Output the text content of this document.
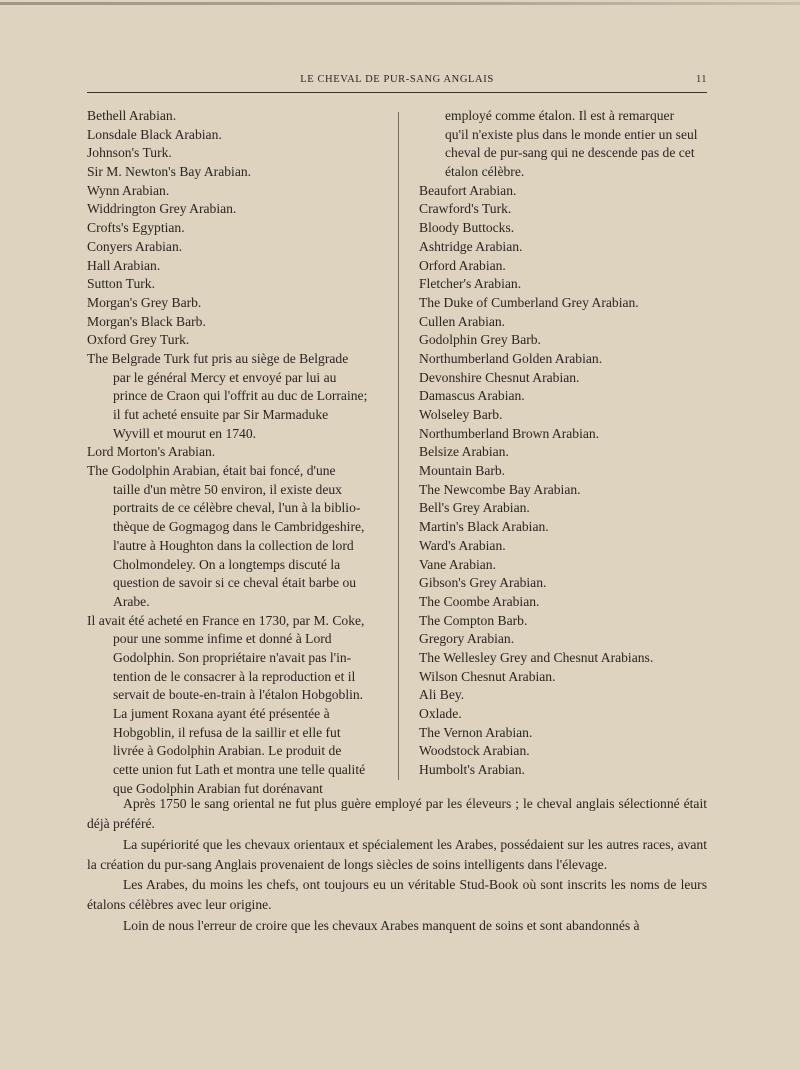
LE CHEVAL DE PUR-SANG ANGLAIS	11
Bethell Arabian.
Lonsdale Black Arabian.
Johnson's Turk.
Sir M. Newton's Bay Arabian.
Wynn Arabian.
Widdrington Grey Arabian.
Crofts's Egyptian.
Conyers Arabian.
Hall Arabian.
Sutton Turk.
Morgan's Grey Barb.
Morgan's Black Barb.
Oxford Grey Turk.
The Belgrade Turk fut pris au siège de Belgrade
par le général Mercy et envoyé par lui au
prince de Craon qui l'offrit au duc de Lorraine;
il fut acheté ensuite par Sir Marmaduke
Wyvill et mourut en 1740.
Lord Morton's Arabian.
The Godolphin Arabian, était bai foncé, d'une
taille d'un mètre 50 environ, il existe deux
portraits de ce célèbre cheval, l'un à la biblio-
thèque de Gogmagog dans le Cambridgeshire,
l'autre à Houghton dans la collection de lord
Cholmondeley. On a longtemps discuté la
question de savoir si ce cheval était barbe ou
Arabe.
Il avait été acheté en France en 1730, par M. Coke,
pour une somme infime et donné à Lord
Godolphin. Son propriétaire n'avait pas l'in-
tention de le consacrer à la reproduction et il
servait de boute-en-train à l'étalon Hobgoblin.
La jument Roxana ayant été présentée à
Hobgoblin, il refusa de la saillir et elle fut
livrée à Godolphin Arabian. Le produit de
cette union fut Lath et montra une telle qualité
que Godolphin Arabian fut dorénavant
employé comme étalon. Il est à remarquer
qu'il n'existe plus dans le monde entier un seul
cheval de pur-sang qui ne descende pas de cet
étalon célèbre.
Beaufort Arabian.
Crawford's Turk.
Bloody Buttocks.
Ashtridge Arabian.
Orford Arabian.
Fletcher's Arabian.
The Duke of Cumberland Grey Arabian.
Cullen Arabian.
Godolphin Grey Barb.
Northumberland Golden Arabian.
Devonshire Chesnut Arabian.
Damascus Arabian.
Wolseley Barb.
Northumberland Brown Arabian.
Belsize Arabian.
Mountain Barb.
The Newcombe Bay Arabian.
Bell's Grey Arabian.
Martin's Black Arabian.
Ward's Arabian.
Vane Arabian.
Gibson's Grey Arabian.
The Coombe Arabian.
The Compton Barb.
Gregory Arabian.
The Wellesley Grey and Chesnut Arabians.
Wilson Chesnut Arabian.
Ali Bey.
Oxlade.
The Vernon Arabian.
Woodstock Arabian.
Humbolt's Arabian.

Après 1750 le sang oriental ne fut plus guère employé par les éleveurs ; le cheval anglais sélectionné était déjà préféré.

La supériorité que les chevaux orientaux et spécialement les Arabes, possédaient sur les autres races, avant la création du pur-sang Anglais provenaient de longs siècles de soins intelligents dans l'élevage.

Les Arabes, du moins les chefs, ont toujours eu un véritable Stud-Book où sont inscrits les noms de leurs étalons célèbres avec leur origine.

Loin de nous l'erreur de croire que les chevaux Arabes manquent de soins et sont abandonnés à
